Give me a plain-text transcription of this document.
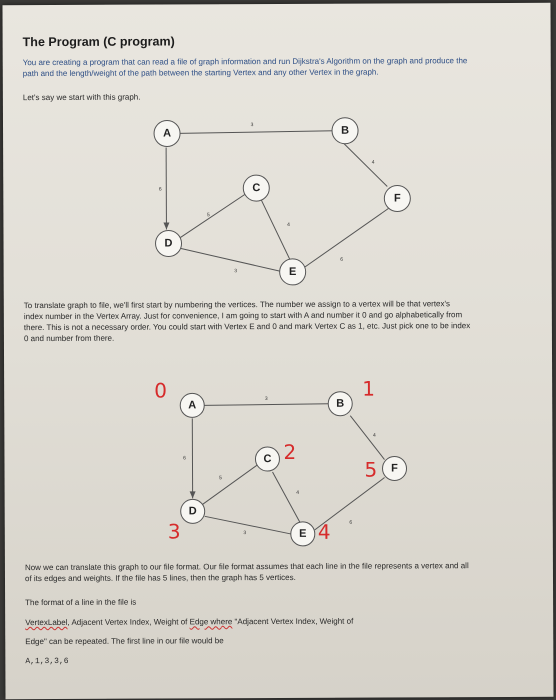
The Program (C program)
You are creating a program that can read a file of graph information and run Dijkstra's Algorithm on the graph and produce the
path and the length/weight of the path between the starting Vertex and any other Vertex in the graph.
Let's say we start with this graph.
3
4
6
5
4
3
6
A	B
C
D
E
F
3
4
6
5
4
3
6
A	B
C
D
E
F
0	1
2
3	4
5
To translate graph to file, we'll first start by numbering the vertices. The number we assign to a vertex will be that vertex's
index number in the Vertex Array. Just for convenience, I am going to start with A and number it 0 and go alphabetically from
there. This is not a necessary order. You could start with Vertex E and 0 and mark Vertex C as 1, etc. Just pick one to be index
0 and number from there.
Now we can translate this graph to our file format. Our file format assumes that each line in the file represents a vertex and all
of its edges and weights. If the file has 5 lines, then the graph has 5 vertices.
The format of a line in the file is
VertexLabel, Adjacent Vertex Index, Weight of Edge where "Adjacent Vertex Index, Weight of
Edge" can be repeated. The first line in our file would be
A,1,3,3,6
